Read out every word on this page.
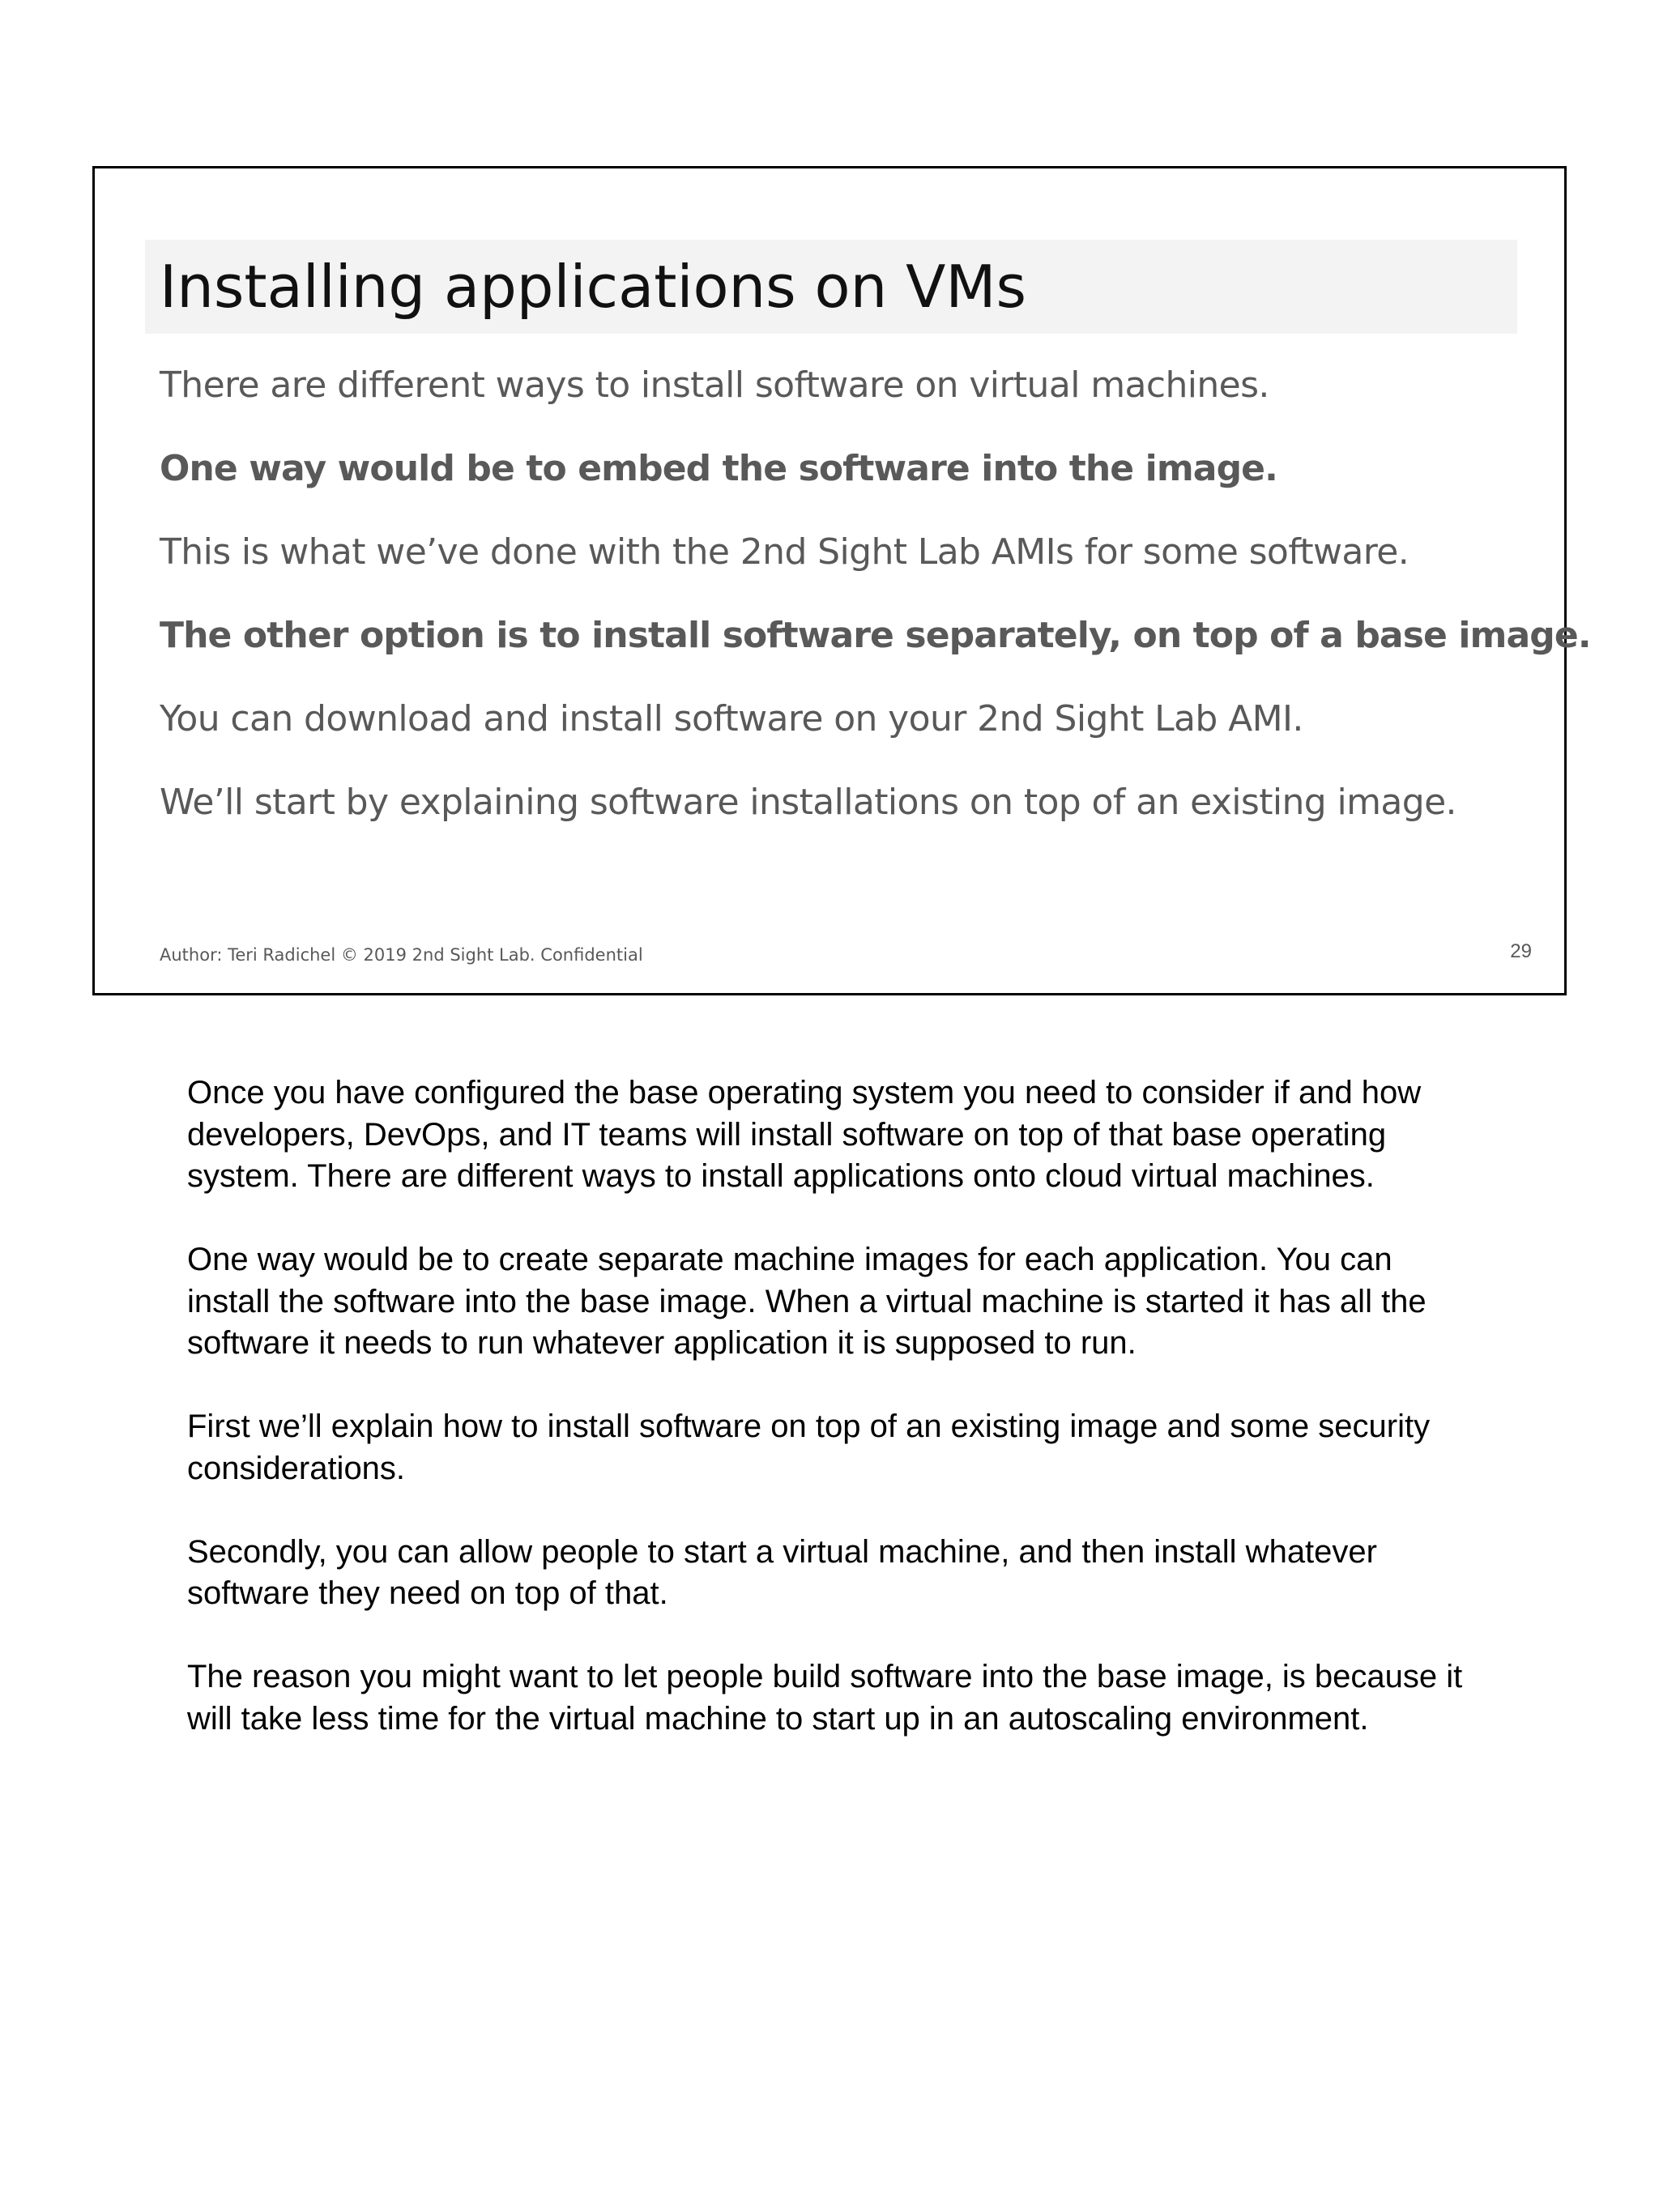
Installing applications on VMs
There are different ways to install software on virtual machines.
One way would be to embed the software into the image.
This is what we’ve done with the 2nd Sight Lab AMIs for some software.
The other option is to install software separately, on top of a base image.
You can download and install software on your 2nd Sight Lab AMI.
We’ll start by explaining software installations on top of an existing image.
Author: Teri Radichel © 2019 2nd Sight Lab. Confidential	29

Once you have configured the base operating system you need to consider if and how developers, DevOps, and IT teams will install software on top of that base operating system. There are different ways to install applications onto cloud virtual machines.

One way would be to create separate machine images for each application. You can install the software into the base image. When a virtual machine is started it has all the software it needs to run whatever application it is supposed to run.

First we’ll explain how to install software on top of an existing image and some security considerations.

Secondly, you can allow people to start a virtual machine, and then install whatever software they need on top of that.

The reason you might want to let people build software into the base image, is because it will take less time for the virtual machine to start up in an autoscaling environment.
